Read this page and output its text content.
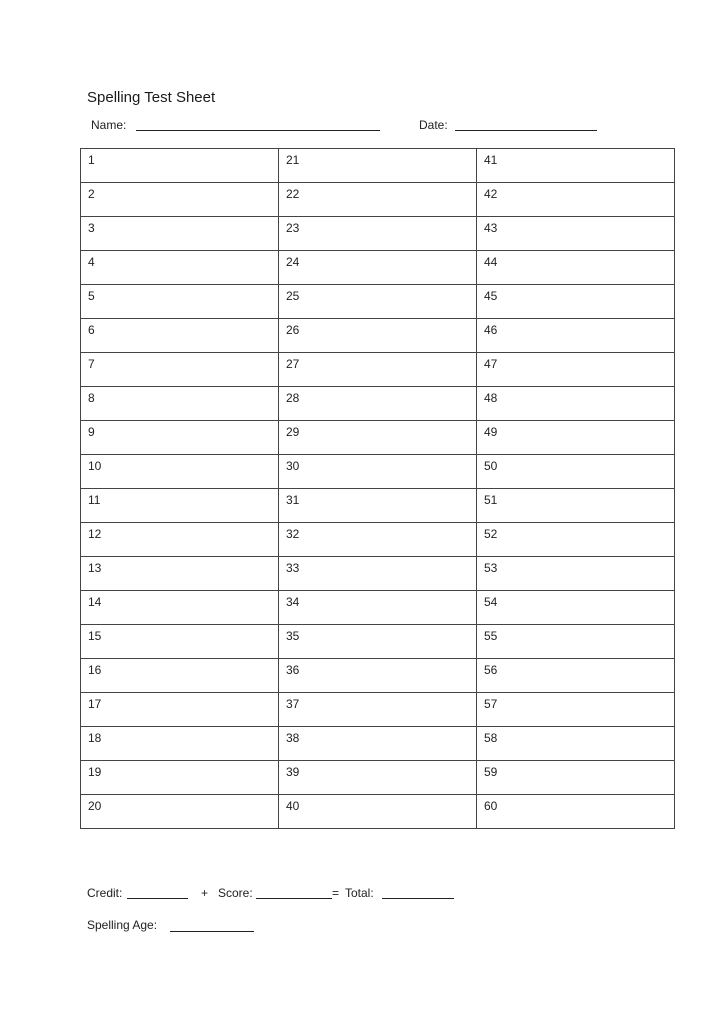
Spelling Test Sheet
Name:	Date:
1	21	41
2	22	42
3	23	43
4	24	44
5	25	45
6	26	46
7	27	47
8	28	48
9	29	49
10	30	50
11	31	51
12	32	52
13	33	53
14	34	54
15	35	55
16	36	56
17	37	57
18	38	58
19	39	59
20	40	60
Credit:	+ Score:	= Total:
Spelling Age:
